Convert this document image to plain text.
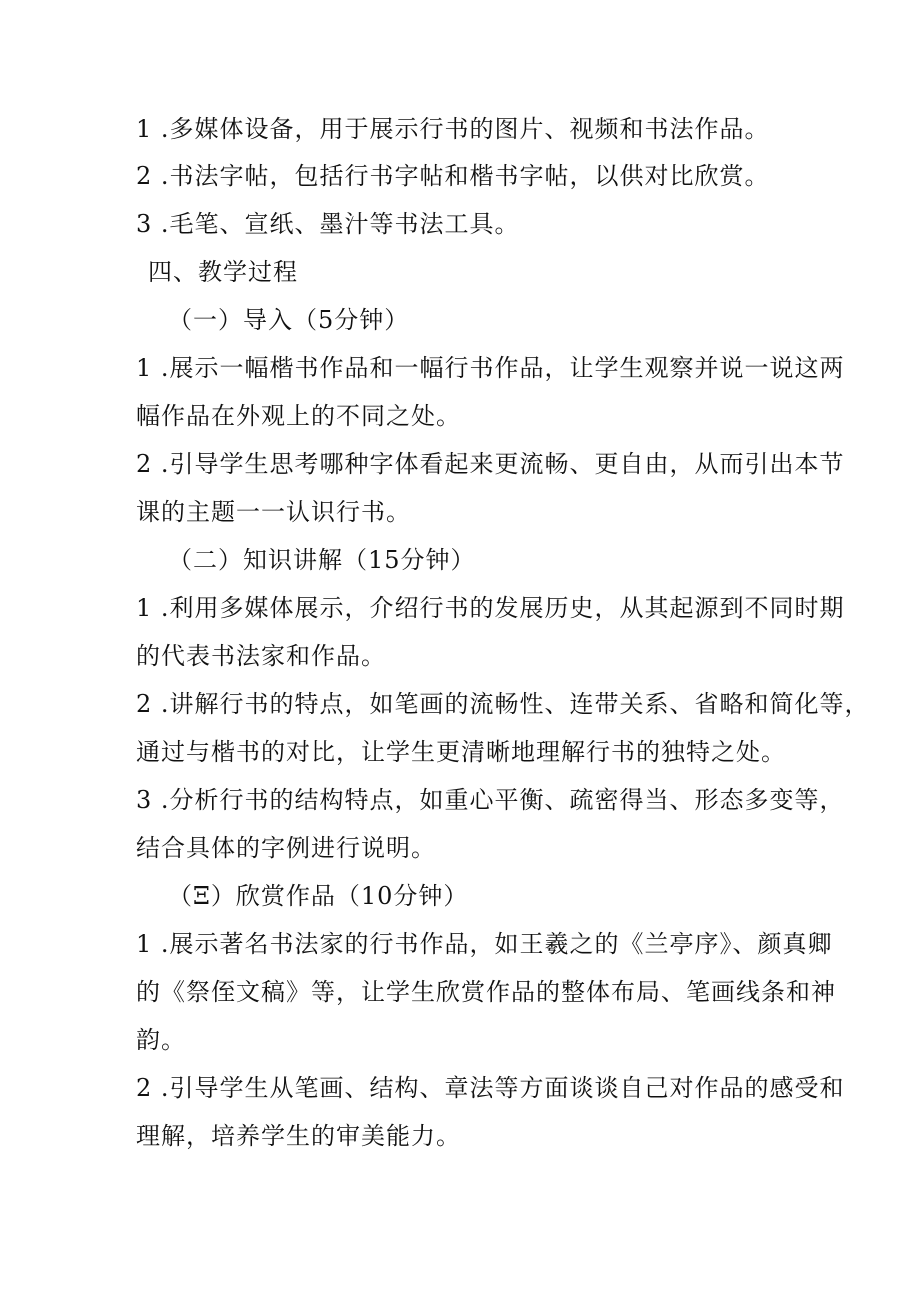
1 .多媒体设备，用于展示行书的图片、视频和书法作品。
2 .书法字帖，包括行书字帖和楷书字帖，以供对比欣赏。
3 .毛笔、宣纸、墨汁等书法工具。
四、教学过程
（一）导入（5分钟）
1 .展示一幅楷书作品和一幅行书作品，让学生观察并说一说这两
幅作品在外观上的不同之处。
2 .引导学生思考哪种字体看起来更流畅、更自由，从而引出本节
课的主题一一认识行书。
（二）知识讲解（15分钟）
1 .利用多媒体展示，介绍行书的发展历史，从其起源到不同时期
的代表书法家和作品。
2 .讲解行书的特点，如笔画的流畅性、连带关系、省略和简化等，
通过与楷书的对比，让学生更清晰地理解行书的独特之处。
3 .分析行书的结构特点，如重心平衡、疏密得当、形态多变等，
结合具体的字例进行说明。
（Ξ）欣赏作品（10分钟）
1 .展示著名书法家的行书作品，如王羲之的《兰亭序》、颜真卿
的《祭侄文稿》等，让学生欣赏作品的整体布局、笔画线条和神
韵。
2 .引导学生从笔画、结构、章法等方面谈谈自己对作品的感受和
理解，培养学生的审美能力。
